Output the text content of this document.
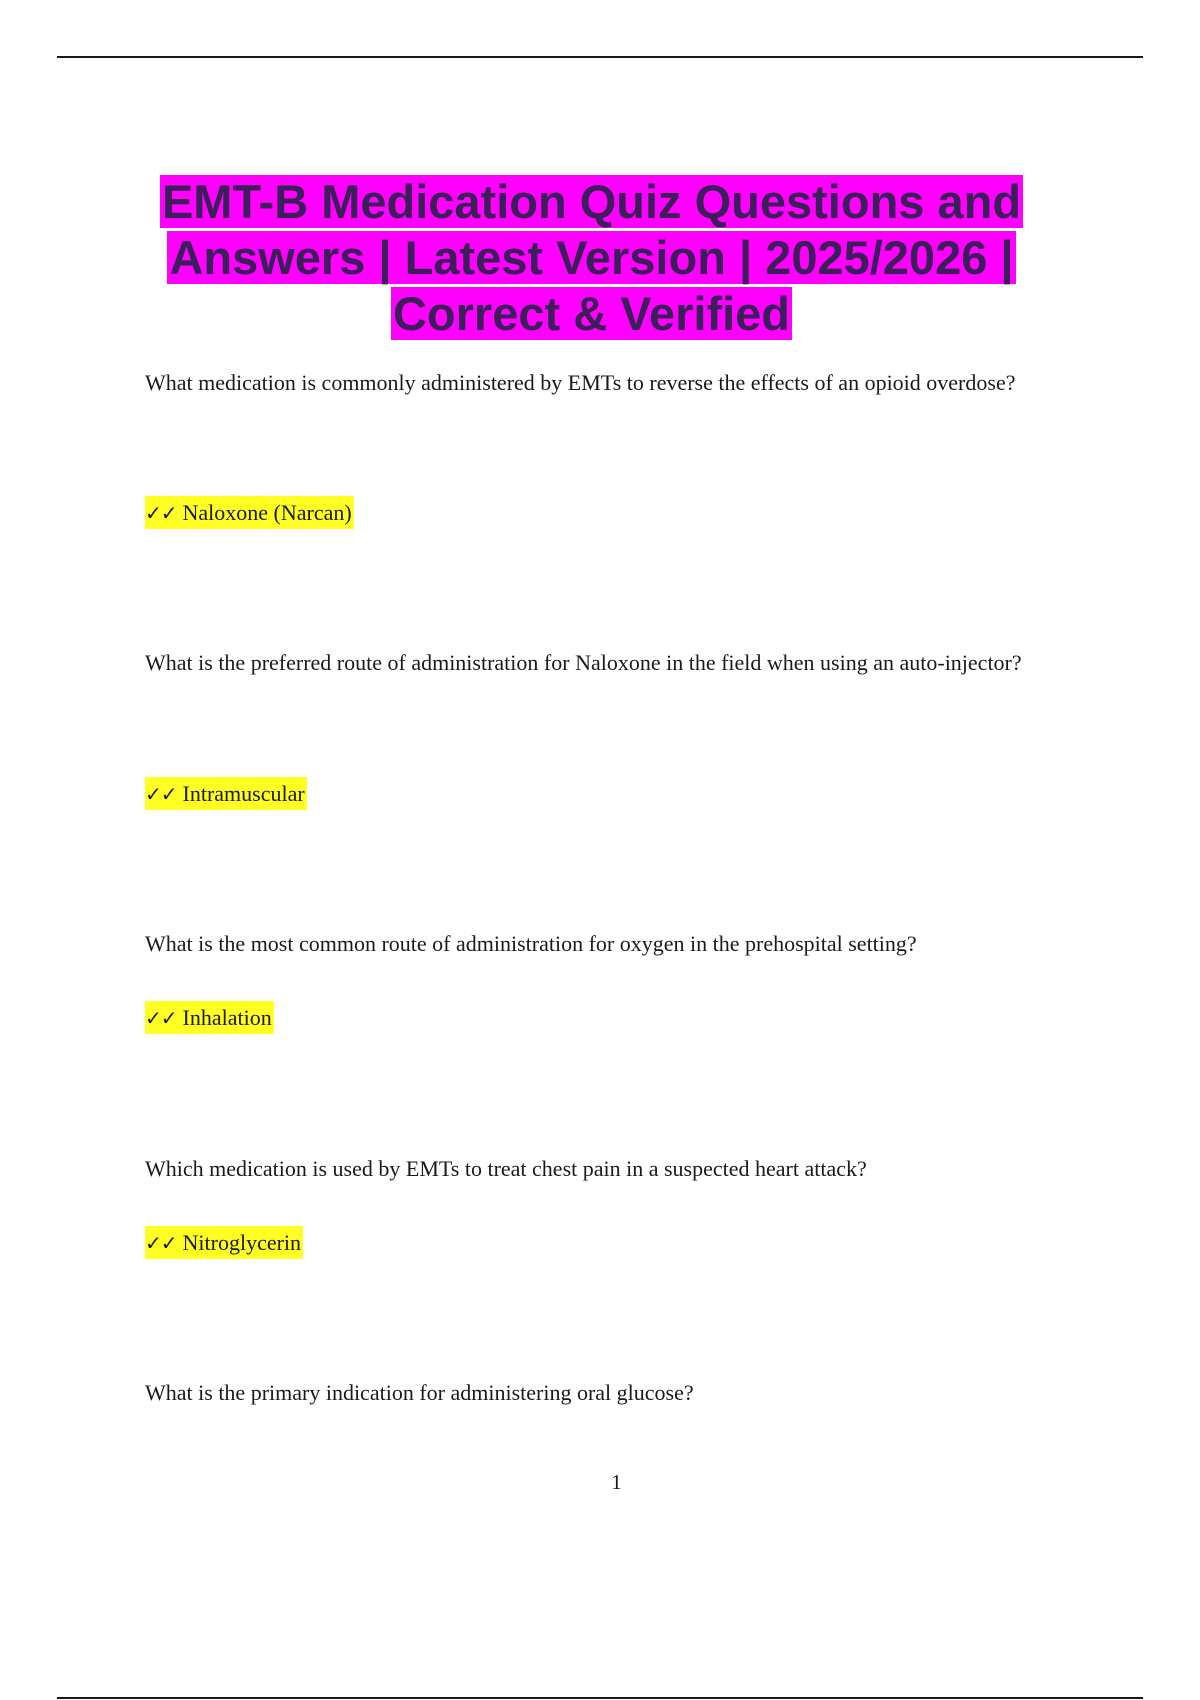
EMT-B Medication Quiz Questions and Answers | Latest Version | 2025/2026 | Correct & Verified

What medication is commonly administered by EMTs to reverse the effects of an opioid overdose?

✓✓ Naloxone (Narcan)

What is the preferred route of administration for Naloxone in the field when using an auto-injector?

✓✓ Intramuscular

What is the most common route of administration for oxygen in the prehospital setting?

✓✓ Inhalation

Which medication is used by EMTs to treat chest pain in a suspected heart attack?

✓✓ Nitroglycerin

What is the primary indication for administering oral glucose?

1
